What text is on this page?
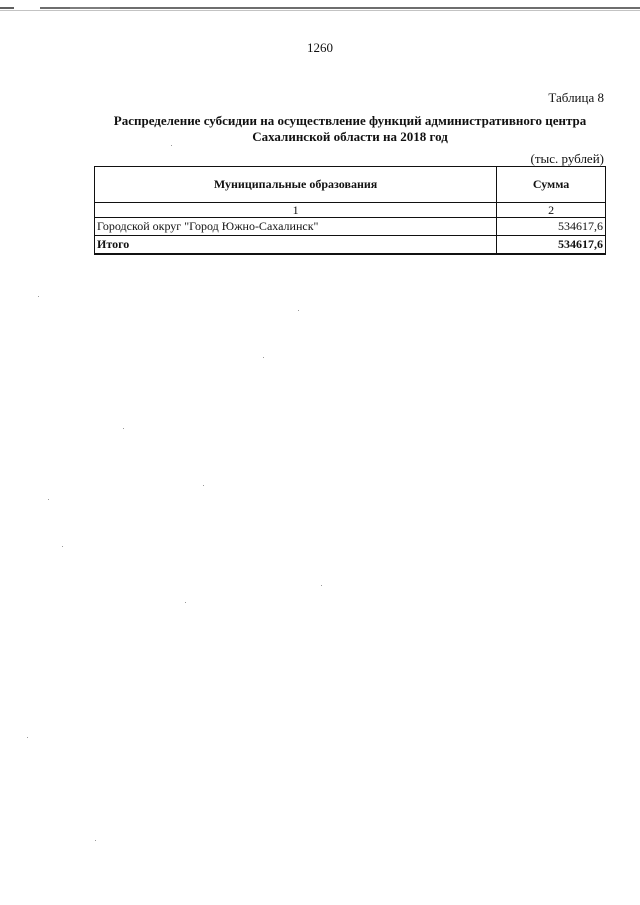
1260
Таблица 8
Распределение субсидии на осуществление функций административного центра
Сахалинской области на 2018 год
(тыс. рублей)
Муниципальные образования	Сумма
1	2
Городской округ "Город Южно-Сахалинск"	534617,6
Итого	534617,6
